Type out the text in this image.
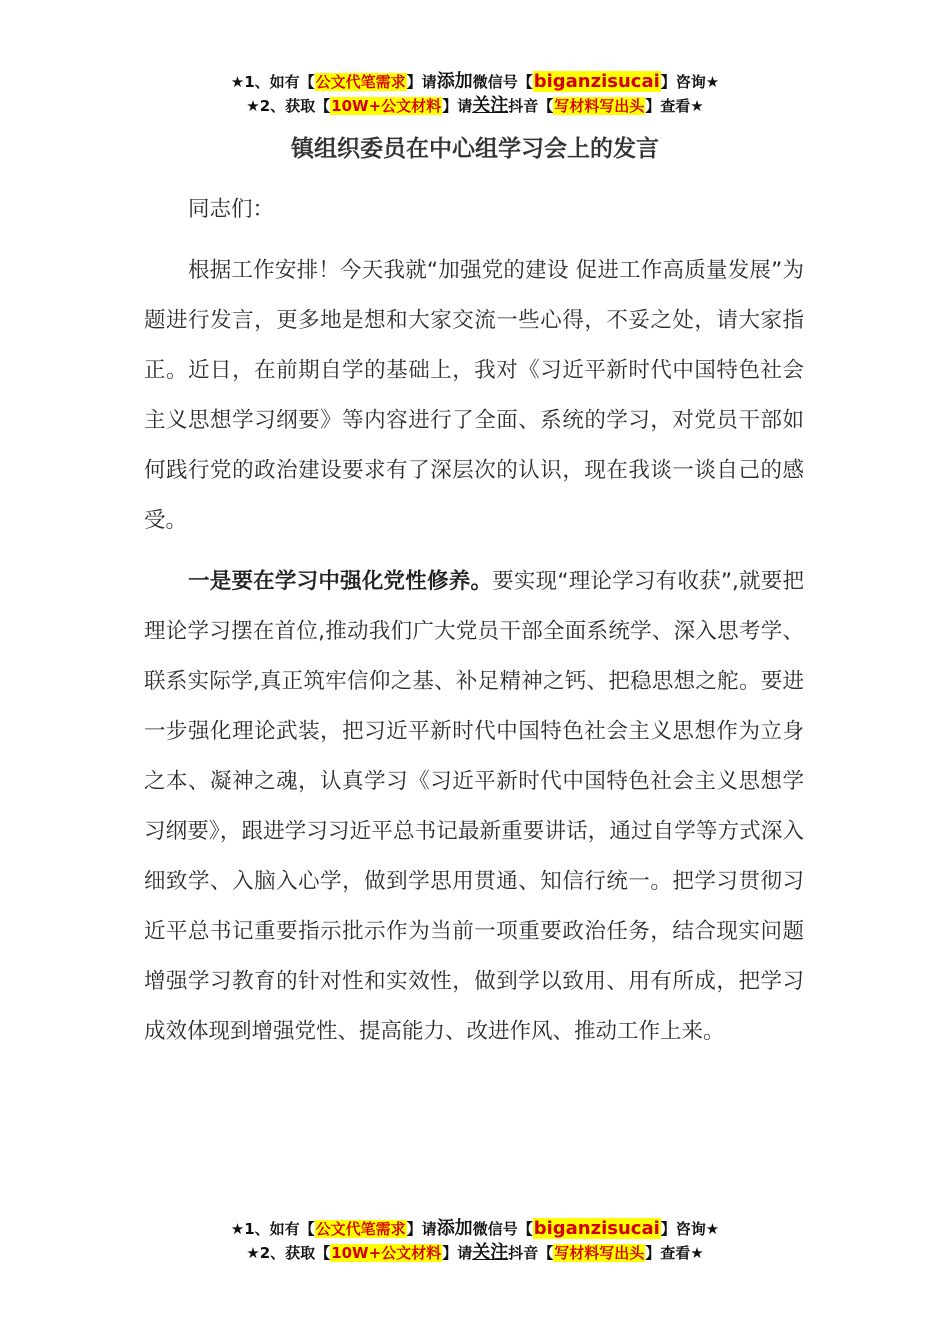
★1、如有【公文代笔需求】请添加微信号【biganzisucai】咨询★
★2、获取【10W+公文材料】请关注抖音【写材料写出头】查看★
镇组织委员在中心组学习会上的发言
同志们：
根据工作安排！今天我就“加强党的建设 促进工作高质量发展”为题进行发言，更多地是想和大家交流一些心得，不妥之处，请大家指正。近日，在前期自学的基础上，我对《习近平新时代中国特色社会主义思想学习纲要》等内容进行了全面、系统的学习，对党员干部如何践行党的政治建设要求有了深层次的认识，现在我谈一谈自己的感受。
一是要在学习中强化党性修养。要实现“理论学习有收获”,就要把理论学习摆在首位,推动我们广大党员干部全面系统学、深入思考学、联系实际学,真正筑牢信仰之基、补足精神之钙、把稳思想之舵。要进一步强化理论武装，把习近平新时代中国特色社会主义思想作为立身之本、凝神之魂，认真学习《习近平新时代中国特色社会主义思想学习纲要》，跟进学习习近平总书记最新重要讲话，通过自学等方式深入细致学、入脑入心学，做到学思用贯通、知信行统一。把学习贯彻习近平总书记重要指示批示作为当前一项重要政治任务，结合现实问题增强学习教育的针对性和实效性，做到学以致用、用有所成，把学习成效体现到增强党性、提高能力、改进作风、推动工作上来。
★1、如有【公文代笔需求】请添加微信号【biganzisucai】咨询★
★2、获取【10W+公文材料】请关注抖音【写材料写出头】查看★
